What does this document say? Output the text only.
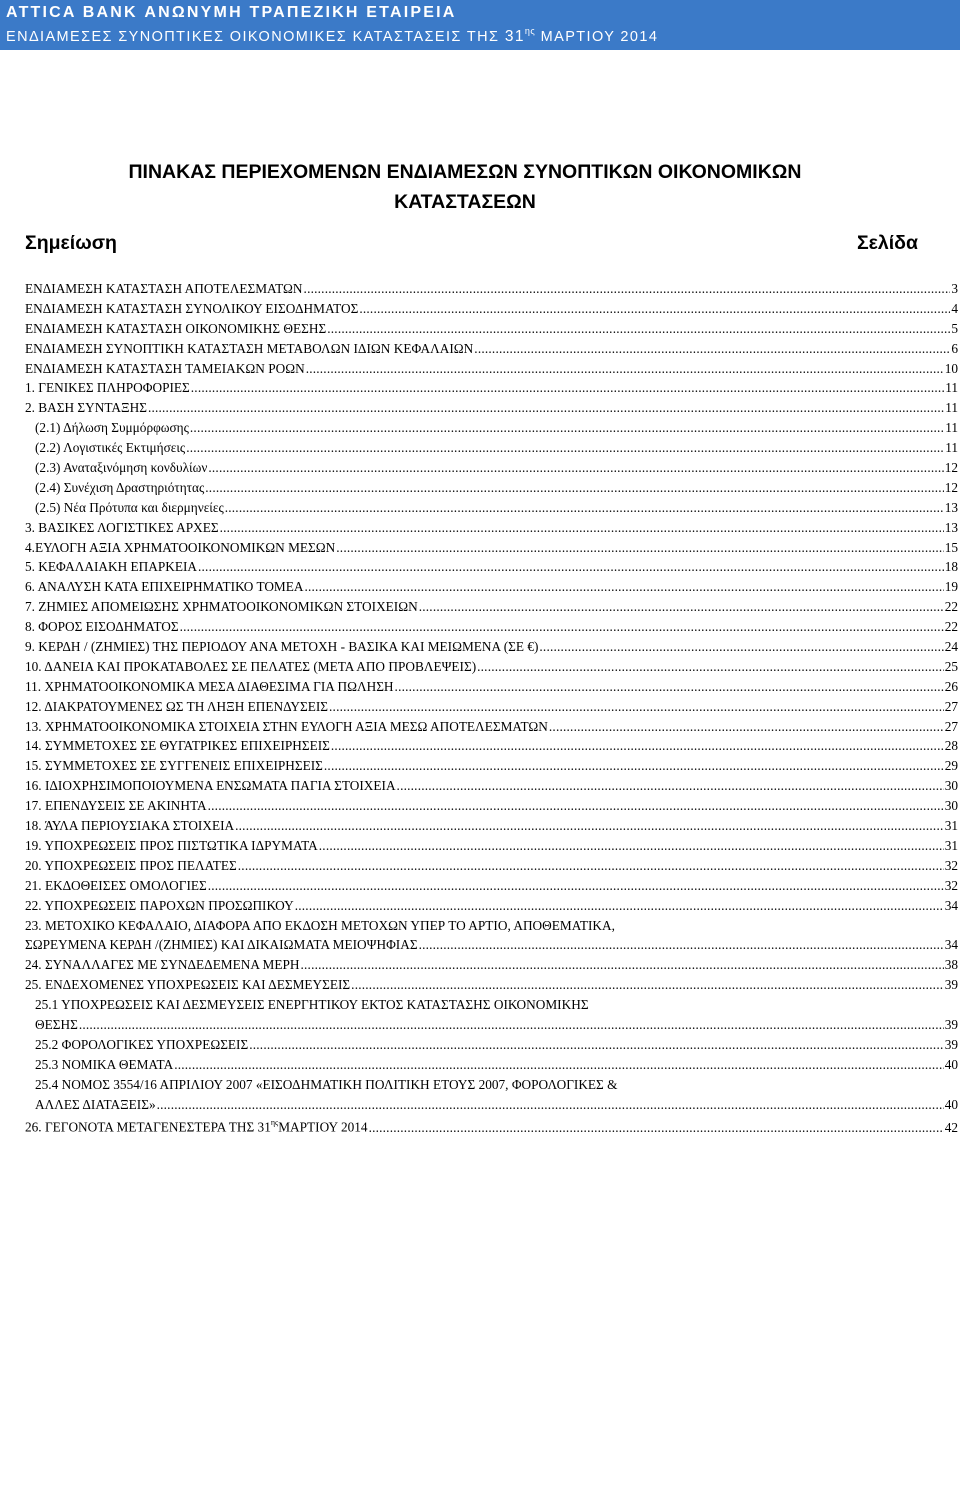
ATTICA BANK ΑΝΩΝΥΜΗ ΤΡΑΠΕΖΙΚΗ ΕΤΑΙΡΕΙΑ
ΕΝΔΙΑΜΕΣΕΣ ΣΥΝΟΠΤΙΚΕΣ ΟΙΚΟΝΟΜΙΚΕΣ ΚΑΤΑΣΤΑΣΕΙΣ ΤΗΣ $31^{\eta\varsigma}$ ΜΑΡΤΙΟΥ 2014
ΠΙΝΑΚΑΣ ΠΕΡΙΕΧΟΜΕΝΩΝ ΕΝΔΙΑΜΕΣΩΝ ΣΥΝΟΠΤΙΚΩΝ ΟΙΚΟΝΟΜΙΚΩΝ
ΚΑΤΑΣΤΑΣΕΩΝ
Σημείωση	Σελίδα
ΕΝΔΙΑΜΕΣΗ ΚΑΤΑΣΤΑΣΗ ΑΠΟΤΕΛΕΣΜΑΤΩΝ .....	3
ΕΝΔΙΑΜΕΣΗ ΚΑΤΑΣΤΑΣΗ ΣΥΝΟΛΙΚΟΥ ΕΙΣΟΔΗΜΑΤΟΣ .....	4
ΕΝΔΙΑΜΕΣΗ ΚΑΤΑΣΤΑΣΗ ΟΙΚΟΝΟΜΙΚΗΣ ΘΕΣΗΣ .....	5
ΕΝΔΙΑΜΕΣΗ ΣΥΝΟΠΤΙΚΗ ΚΑΤΑΣΤΑΣΗ ΜΕΤΑΒΟΛΩΝ ΙΔΙΩΝ ΚΕΦΑΛΑΙΩΝ .....	6
ΕΝΔΙΑΜΕΣΗ ΚΑΤΑΣΤΑΣΗ ΤΑΜΕΙΑΚΩΝ ΡΟΩΝ .....	10
1. ΓΕΝΙΚΕΣ ΠΛΗΡΟΦΟΡΙΕΣ .....	11
2. ΒΑΣΗ ΣΥΝΤΑΞΗΣ .....	11
(2.1) Δήλωση Συμμόρφωσης .....	11
(2.2) Λογιστικές Εκτιμήσεις .....	11
(2.3) Αναταξινόμηση κονδυλίων .....	12
(2.4) Συνέχιση Δραστηριότητας .....	12
(2.5) Νέα Πρότυπα και διερμηνείες .....	13
3. ΒΑΣΙΚΕΣ ΛΟΓΙΣΤΙΚΕΣ ΑΡΧΕΣ .....	13
4.ΕΥΛΟΓΗ ΑΞΙΑ ΧΡΗΜΑΤΟΟΙΚΟΝΟΜΙΚΩΝ ΜΕΣΩΝ .....	15
5. ΚΕΦΑΛΑΙΑΚΗ ΕΠΑΡΚΕΙΑ .....	18
6. ΑΝΑΛΥΣΗ ΚΑΤΑ ΕΠΙΧΕΙΡΗΜΑΤΙΚΟ ΤΟΜΕΑ .....	19
7. ΖΗΜΙΕΣ ΑΠΟΜΕΙΩΣΗΣ ΧΡΗΜΑΤΟΟΙΚΟΝΟΜΙΚΩΝ ΣΤΟΙΧΕΙΩΝ .....	22
8. ΦΟΡΟΣ ΕΙΣΟΔΗΜΑΤΟΣ .....	22
9. ΚΕΡΔΗ / (ΖΗΜΙΕΣ) ΤΗΣ ΠΕΡΙΟΔΟΥ ΑΝΑ ΜΕΤΟΧΗ - ΒΑΣΙΚΑ ΚΑΙ ΜΕΙΩΜΕΝΑ (ΣΕ €) .....	24
10. ΔΑΝΕΙΑ ΚΑΙ ΠΡΟΚΑΤΑΒΟΛΕΣ ΣΕ ΠΕΛΑΤΕΣ (ΜΕΤΑ ΑΠΟ ΠΡΟΒΛΕΨΕΙΣ) .....	25
11. ΧΡΗΜΑΤΟΟΙΚΟΝΟΜΙΚΑ ΜΕΣΑ ΔΙΑΘΕΣΙΜΑ ΓΙΑ ΠΩΛΗΣΗ .....	26
12. ΔΙΑΚΡΑΤΟΥΜΕΝΕΣ ΩΣ ΤΗ ΛΗΞΗ ΕΠΕΝΔΥΣΕΙΣ .....	27
13. ΧΡΗΜΑΤΟΟΙΚΟΝΟΜΙΚΑ ΣΤΟΙΧΕΙΑ ΣΤΗΝ ΕΥΛΟΓΗ ΑΞΙΑ ΜΕΣΩ ΑΠΟΤΕΛΕΣΜΑΤΩΝ .....	27
14. ΣΥΜΜΕΤΟΧΕΣ ΣΕ ΘΥΓΑΤΡΙΚΕΣ ΕΠΙΧΕΙΡΗΣΕΙΣ .....	28
15. ΣΥΜΜΕΤΟΧΕΣ ΣΕ ΣΥΓΓΕΝΕΙΣ ΕΠΙΧΕΙΡΗΣΕΙΣ .....	29
16. ΙΔΙΟΧΡΗΣΙΜΟΠΟΙΟΥΜΕΝΑ ΕΝΣΩΜΑΤΑ ΠΑΓΙΑ ΣΤΟΙΧΕΙΑ .....	30
17. ΕΠΕΝΔΥΣΕΙΣ ΣΕ ΑΚΙΝΗΤΑ .....	30
18. ΆΥΛΑ ΠΕΡΙΟΥΣΙΑΚΑ ΣΤΟΙΧΕΙΑ .....	31
19. ΥΠΟΧΡΕΩΣΕΙΣ ΠΡΟΣ ΠΙΣΤΩΤΙΚΑ ΙΔΡΥΜΑΤΑ .....	31
20. ΥΠΟΧΡΕΩΣΕΙΣ ΠΡΟΣ ΠΕΛΑΤΕΣ .....	32
21. ΕΚΔΟΘΕΙΣΕΣ ΟΜΟΛΟΓΙΕΣ .....	32
22. ΥΠΟΧΡΕΩΣΕΙΣ ΠΑΡΟΧΩΝ ΠΡΟΣΩΠΙΚΟΥ .....	34
23. ΜΕΤΟΧΙΚΟ ΚΕΦΑΛΑΙΟ, ΔΙΑΦΟΡΑ ΑΠΟ ΕΚΔΟΣΗ ΜΕΤΟΧΩΝ ΥΠΕΡ ΤΟ ΑΡΤΙΟ, ΑΠΟΘΕΜΑΤΙΚΑ,
ΣΩΡΕΥΜΕΝΑ ΚΕΡΔΗ /(ΖΗΜΙΕΣ) ΚΑΙ ΔΙΚΑΙΩΜΑΤΑ ΜΕΙΟΨΗΦΙΑΣ .....	34
24. ΣΥΝΑΛΛΑΓΕΣ ΜΕ ΣΥΝΔΕΔΕΜΕΝΑ ΜΕΡΗ .....	38
25. ΕΝΔΕΧΟΜΕΝΕΣ ΥΠΟΧΡΕΩΣΕΙΣ ΚΑΙ ΔΕΣΜΕΥΣΕΙΣ .....	39
25.1 ΥΠΟΧΡΕΩΣΕΙΣ ΚΑΙ ΔΕΣΜΕΥΣΕΙΣ ΕΝΕΡΓΗΤΙΚΟΥ ΕΚΤΟΣ ΚΑΤΑΣΤΑΣΗΣ ΟΙΚΟΝΟΜΙΚΗΣ
ΘΕΣΗΣ .....	39
25.2 ΦΟΡΟΛΟΓΙΚΕΣ ΥΠΟΧΡΕΩΣΕΙΣ .....	39
25.3 ΝΟΜΙΚΑ ΘΕΜΑΤΑ .....	40
25.4 ΝΟΜΟΣ 3554/16 ΑΠΡΙΛΙΟΥ 2007 «ΕΙΣΟΔΗΜΑΤΙΚΗ ΠΟΛΙΤΙΚΗ ΕΤΟΥΣ 2007, ΦΟΡΟΛΟΓΙΚΕΣ &
ΑΛΛΕΣ ΔΙΑΤΑΞΕΙΣ» .....	40
26. ΓΕΓΟΝΟΤΑ ΜΕΤΑΓΕΝΕΣΤΕΡΑ ΤΗΣ $31^{\eta\varsigma}MAPTIO\Upsilon$ 2014 .....	42
